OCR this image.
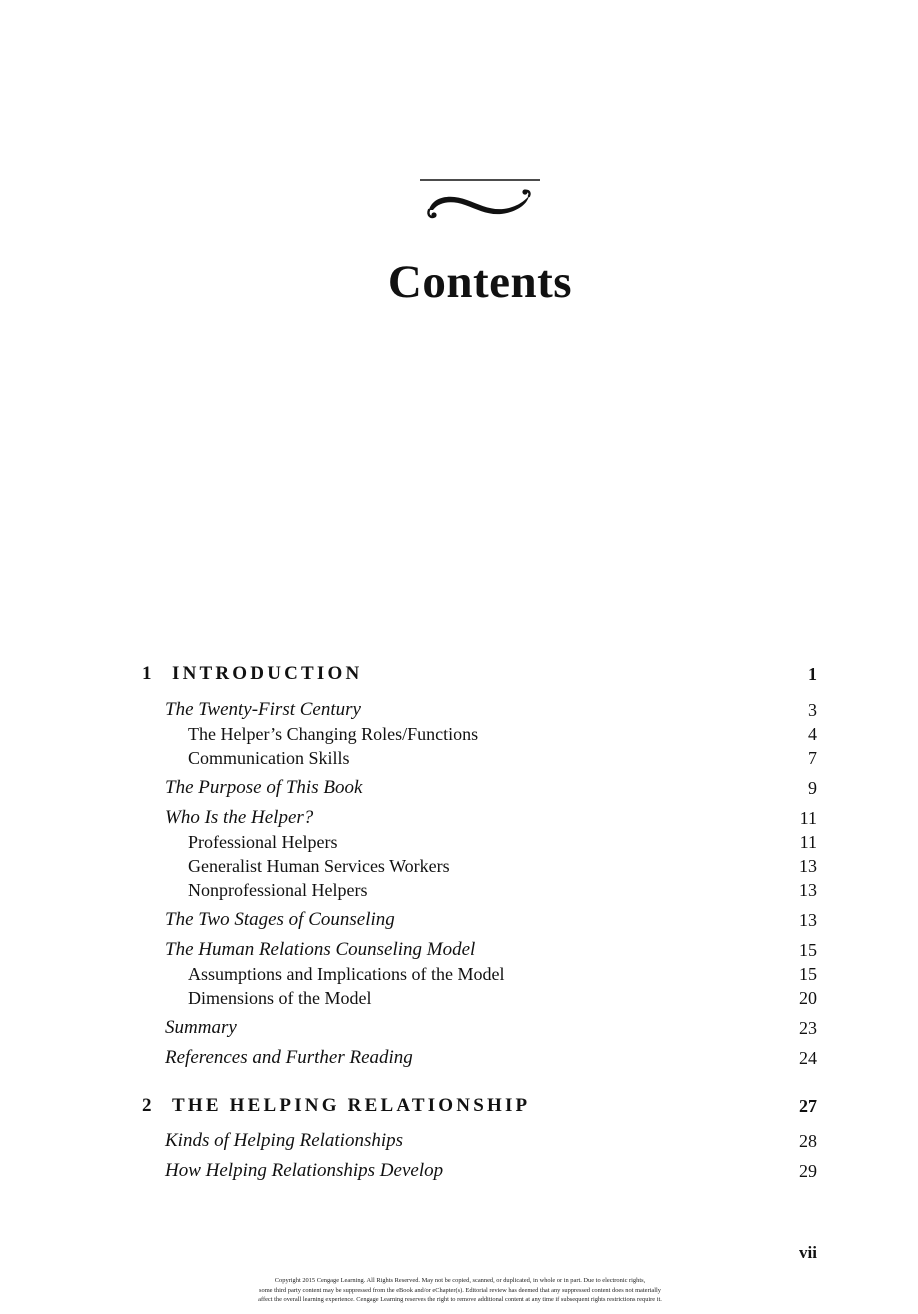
Contents
1 INTRODUCTION	1
The Twenty-First Century	3
The Helper’s Changing Roles/Functions	4
Communication Skills	7
The Purpose of This Book	9
Who Is the Helper?	11
Professional Helpers	11
Generalist Human Services Workers	13
Nonprofessional Helpers	13
The Two Stages of Counseling	13
The Human Relations Counseling Model	15
Assumptions and Implications of the Model	15
Dimensions of the Model	20
Summary	23
References and Further Reading	24
2 THE HELPING RELATIONSHIP	27
Kinds of Helping Relationships	28
How Helping Relationships Develop	29
vii
Copyright 2015 Cengage Learning. All Rights Reserved. May not be copied, scanned, or duplicated, in whole or in part. Due to electronic rights,
some third party content may be suppressed from the eBook and/or eChapter(s). Editorial review has deemed that any suppressed content does not materially
affect the overall learning experience. Cengage Learning reserves the right to remove additional content at any time if subsequent rights restrictions require it.
